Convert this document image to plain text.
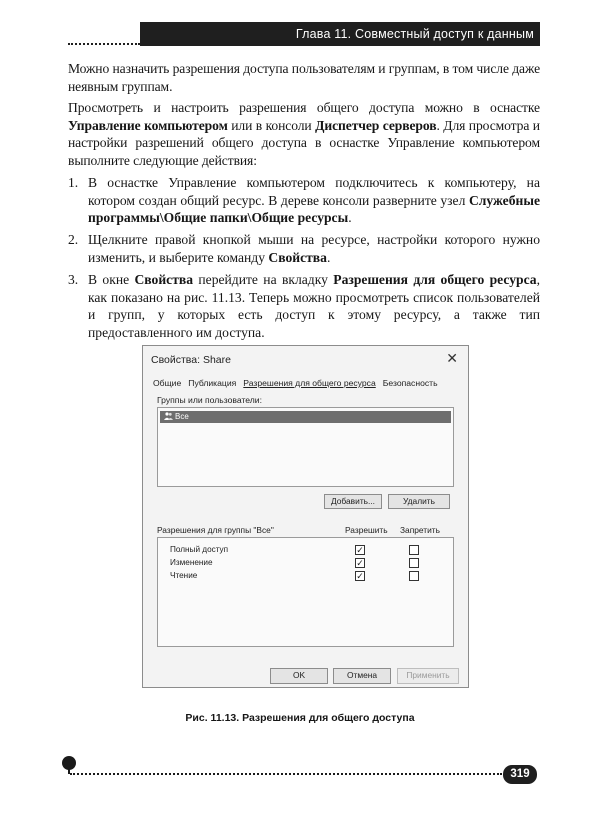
Глава 11. Совместный доступ к данным

Можно назначить разрешения доступа пользователям и группам, в том числе даже неявным группам.

Просмотреть и настроить разрешения общего доступа можно в оснастке Управление компьютером или в консоли Диспетчер серверов. Для просмотра и настройки разрешений общего доступа в оснастке Управление компьютером выполните следующие действия:

1. В оснастке Управление компьютером подключитесь к компьютеру, на котором создан общий ресурс. В дереве консоли разверните узел Служебные программы\Общие папки\Общие ресурсы.
2. Щелкните правой кнопкой мыши на ресурсе, настройки которого нужно изменить, и выберите команду Свойства.
3. В окне Свойства перейдите на вкладку Разрешения для общего ресурса, как показано на рис. 11.13. Теперь можно просмотреть список пользователей и групп, у которых есть доступ к этому ресурсу, а также тип предоставленного им доступа.
Свойства: Share	✕
Общие Публикация Разрешения для общего ресурса Безопасность
Группы или пользователи:
Все
Добавить...	Удалить
Разрешения для группы "Все"	Разрешить Запретить
Полный доступ	✓
Изменение	✓
Чтение	✓
OK	Отмена	Применить
Рис. 11.13. Разрешения для общего доступа
319
